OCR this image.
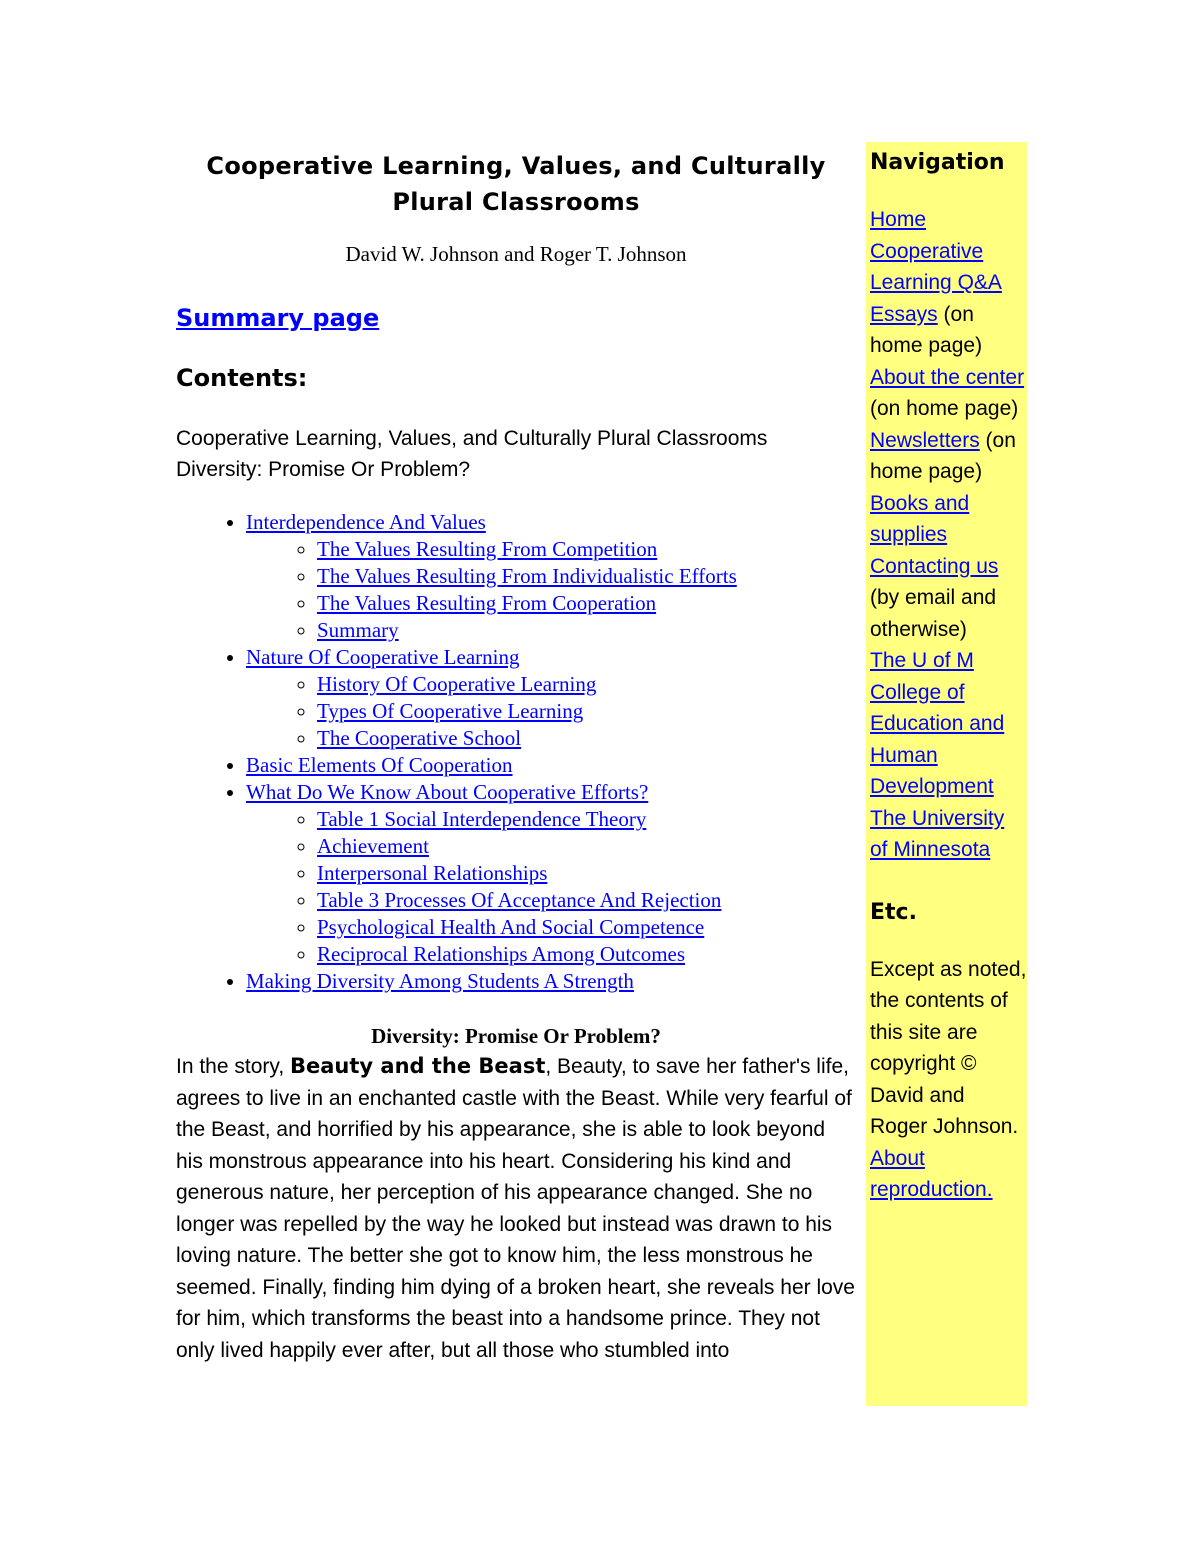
Cooperative Learning, Values, and Culturally Plural Classrooms
David W. Johnson and Roger T. Johnson
Summary page
Contents:
Cooperative Learning, Values, and Culturally Plural Classrooms
Diversity: Promise Or Problem?
• Interdependence And Values
◦ The Values Resulting From Competition
◦ The Values Resulting From Individualistic Efforts
◦ The Values Resulting From Cooperation
◦ Summary
• Nature Of Cooperative Learning
◦ History Of Cooperative Learning
◦ Types Of Cooperative Learning
◦ The Cooperative School
• Basic Elements Of Cooperation
• What Do We Know About Cooperative Efforts?
◦ Table 1 Social Interdependence Theory
◦ Achievement
◦ Interpersonal Relationships
◦ Table 3 Processes Of Acceptance And Rejection
◦ Psychological Health And Social Competence
◦ Reciprocal Relationships Among Outcomes
• Making Diversity Among Students A Strength
Diversity: Promise Or Problem?

In the story, Beauty and the Beast, Beauty, to save her father's life, agrees to live in an enchanted castle with the Beast. While very fearful of the Beast, and horrified by his appearance, she is able to look beyond his monstrous appearance into his heart. Considering his kind and generous nature, her perception of his appearance changed. She no longer was repelled by the way he looked but instead was drawn to his loving nature. The better she got to know him, the less monstrous he seemed. Finally, finding him dying of a broken heart, she reveals her love for him, which transforms the beast into a handsome prince. They not only lived happily ever after, but all those who stumbled into

Navigation
Home
Cooperative Learning Q&A
Essays (on home page)
About the center (on home page)
Newsletters (on home page)
Books and supplies
Contacting us (by email and otherwise)
The U of M College of Education and Human Development
The University of Minnesota
Etc.
Except as noted, the contents of this site are copyright © David and Roger Johnson. About reproduction.
